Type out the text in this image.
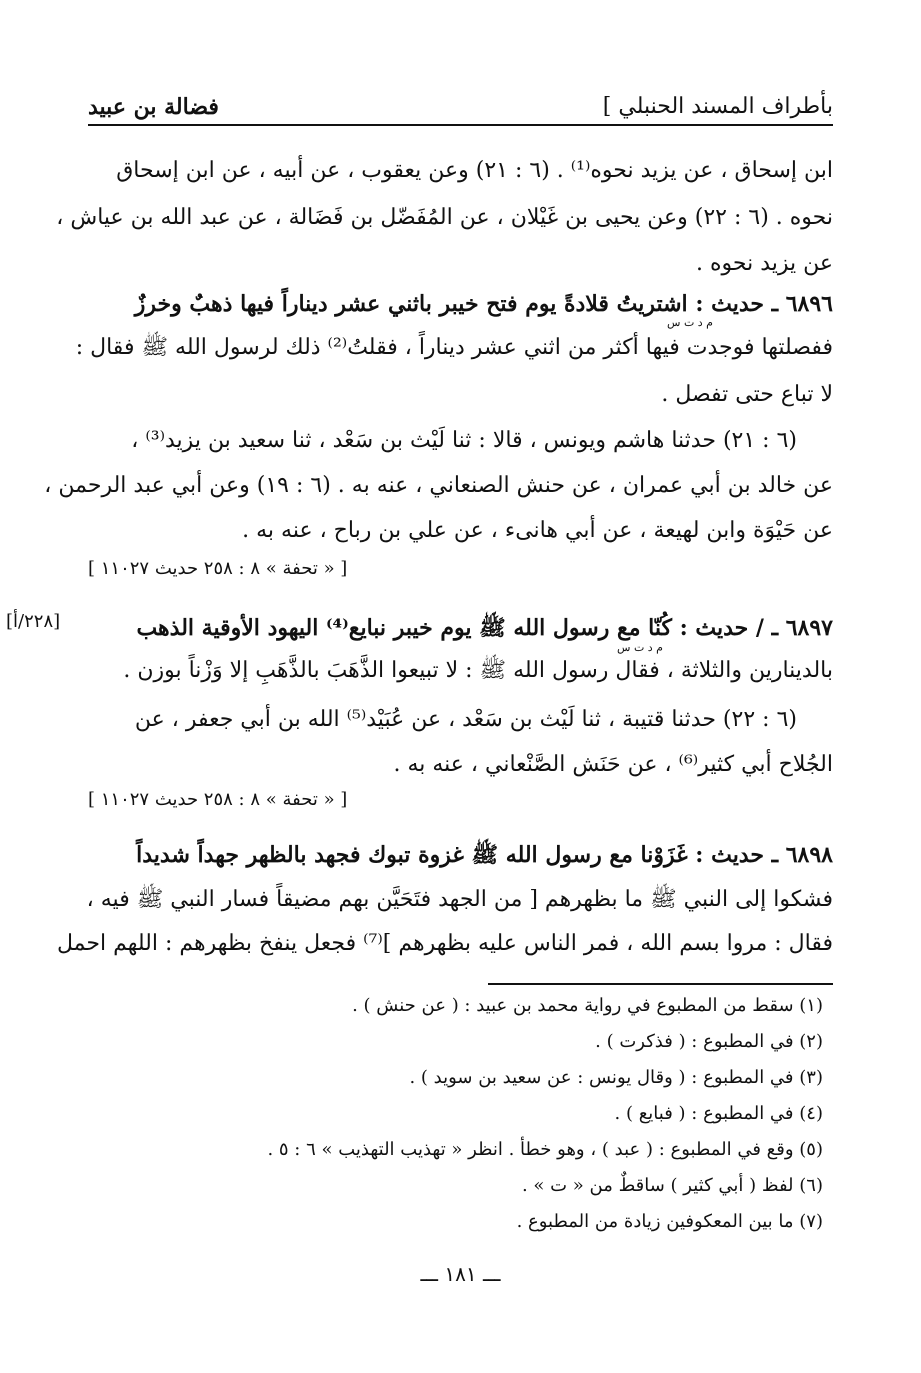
بأطراف المسند الحنبلي ]
فضالة بن عبيد
ابن إسحاق ، عن يزيد نحوه⁽¹⁾ . (٦ : ٢١) وعن يعقوب ، عن أبيه ، عن ابن إسحاق
نحوه . (٦ : ٢٢) وعن يحيى بن غَيْلان ، عن المُفَضّل بن فَضَالة ، عن عبد الله بن عياش ،
عن يزيد نحوه .
٦٨٩٦ ـ حديث : اشتريتُ قلادةً يوم فتح خيبر باثني عشر ديناراً فيها ذهبٌ وخرزٌ
م د ت س
ففصلتها فوجدت فيها أكثر من اثني عشر ديناراً ، فقلتُ⁽²⁾ ذلك لرسول الله ﷺ فقال :
لا تباع حتى تفصل .
(٦ : ٢١) حدثنا هاشم ويونس ، قالا : ثنا لَيْث بن سَعْد ، ثنا سعيد بن يزيد⁽³⁾ ،
عن خالد بن أبي عمران ، عن حنش الصنعاني ، عنه به . (٦ : ١٩) وعن أبي عبد الرحمن ،
عن حَيْوَة وابن لهيعة ، عن أبي هانىء ، عن علي بن رباح ، عنه به .
[ « تحفة » ٨ : ٢٥٨ حديث ١١٠٢٧ ]
[٢٢٨/أ]	٦٨٩٧ ـ / حديث : كُنّا مع رسول الله ﷺ يوم خيبر نبايع⁽⁴⁾ اليهود الأوقية الذهب
م د ت س
بالدينارين والثلاثة ، فقال رسول الله ﷺ : لا تبيعوا الذَّهَبَ بالذَّهَبِ إلا وَزْناً بوزن .
(٦ : ٢٢) حدثنا قتيبة ، ثنا لَيْث بن سَعْد ، عن عُبَيْد⁽⁵⁾ الله بن أبي جعفر ، عن
الجُلاح أبي كثير⁽⁶⁾ ، عن حَنَش الصَّنْعاني ، عنه به .
[ « تحفة » ٨ : ٢٥٨ حديث ١١٠٢٧ ]
٦٨٩٨ ـ حديث : غَزَوْنا مع رسول الله ﷺ غزوة تبوك فجهد بالظهر جهداً شديداً
فشكوا إلى النبي ﷺ ما بظهرهم [ من الجهد فتَحَيَّن بهم مضيقاً فسار النبي ﷺ فيه ،
فقال : مروا بسم الله ، فمر الناس عليه بظهرهم ]⁽⁷⁾ فجعل ينفخ بظهرهم : اللهم احمل
(١) سقط من المطبوع في رواية محمد بن عبيد : ( عن حنش ) .
(٢) في المطبوع : ( فذكرت ) .
(٣) في المطبوع : ( وقال يونس : عن سعيد بن سويد ) .
(٤) في المطبوع : ( فبايع ) .
(٥) وقع في المطبوع : ( عبد ) ، وهو خطأ . انظر « تهذيب التهذيب » ٦ : ٥ .
(٦) لفظ ( أبي كثير ) ساقطٌ من « ت » .
(٧) ما بين المعكوفين زيادة من المطبوع .
ـــ ١٨١ ـــ
